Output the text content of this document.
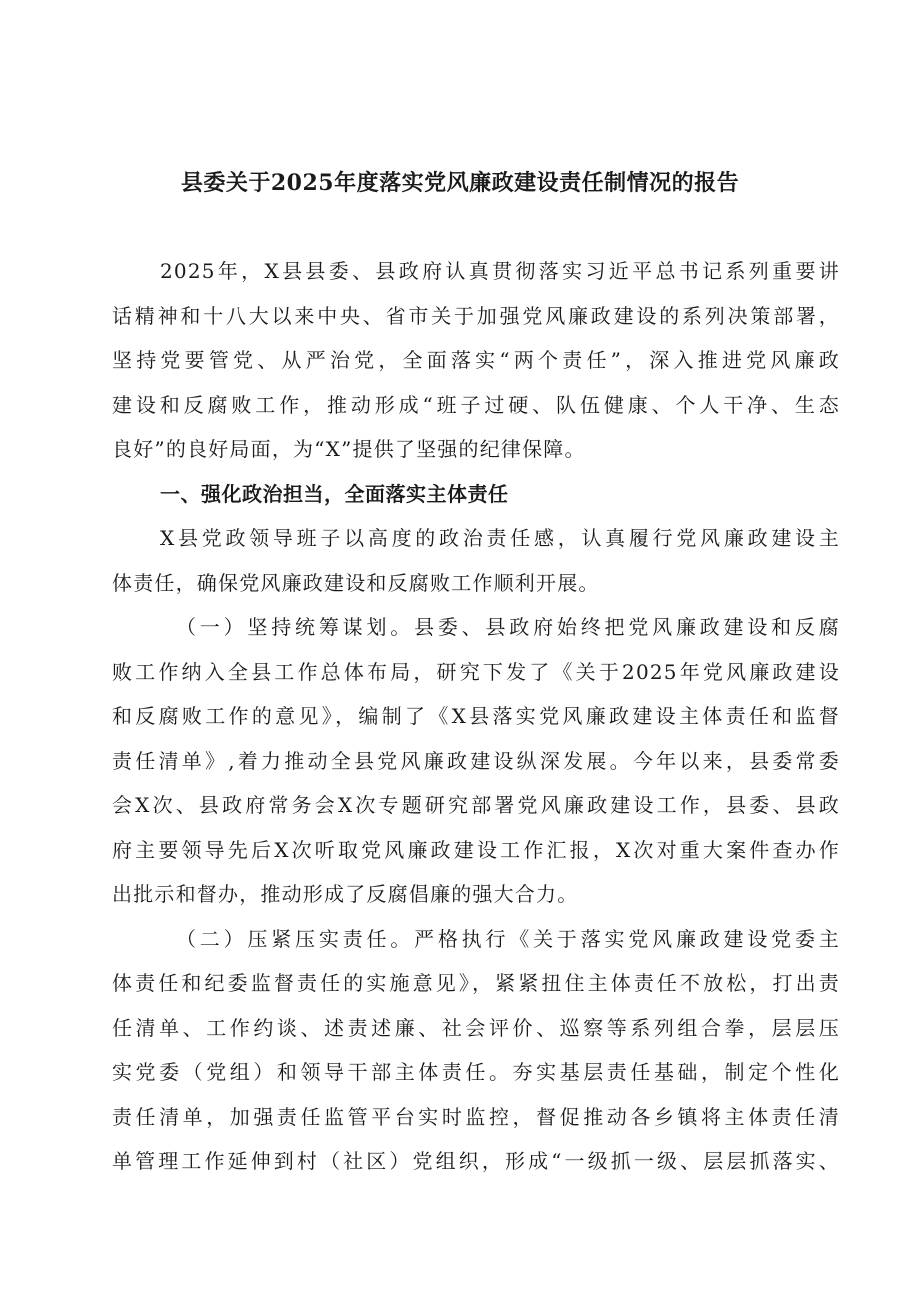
县委关于2025年度落实党风廉政建设责任制情况的报告
2025年，X县县委、县政府认真贯彻落实习近平总书记系列重要讲
话精神和十八大以来中央、省市关于加强党风廉政建设的系列决策部署，
坚持党要管党、从严治党，全面落实“两个责任”，深入推进党风廉政
建设和反腐败工作，推动形成“班子过硬、队伍健康、个人干净、生态
良好”的良好局面，为“X”提供了坚强的纪律保障。
一、强化政治担当，全面落实主体责任
X县党政领导班子以高度的政治责任感，认真履行党风廉政建设主
体责任，确保党风廉政建设和反腐败工作顺利开展。
（一）坚持统筹谋划。县委、县政府始终把党风廉政建设和反腐
败工作纳入全县工作总体布局，研究下发了《关于2025年党风廉政建设
和反腐败工作的意见》，编制了《X县落实党风廉政建设主体责任和监督
责任清单》,着力推动全县党风廉政建设纵深发展。今年以来，县委常委
会X次、县政府常务会X次专题研究部署党风廉政建设工作，县委、县政
府主要领导先后X次听取党风廉政建设工作汇报，X次对重大案件查办作
出批示和督办，推动形成了反腐倡廉的强大合力。
（二）压紧压实责任。严格执行《关于落实党风廉政建设党委主
体责任和纪委监督责任的实施意见》，紧紧扭住主体责任不放松，打出责
任清单、工作约谈、述责述廉、社会评价、巡察等系列组合拳，层层压
实党委（党组）和领导干部主体责任。夯实基层责任基础，制定个性化
责任清单，加强责任监管平台实时监控，督促推动各乡镇将主体责任清
单管理工作延伸到村（社区）党组织，形成“一级抓一级、层层抓落实、
